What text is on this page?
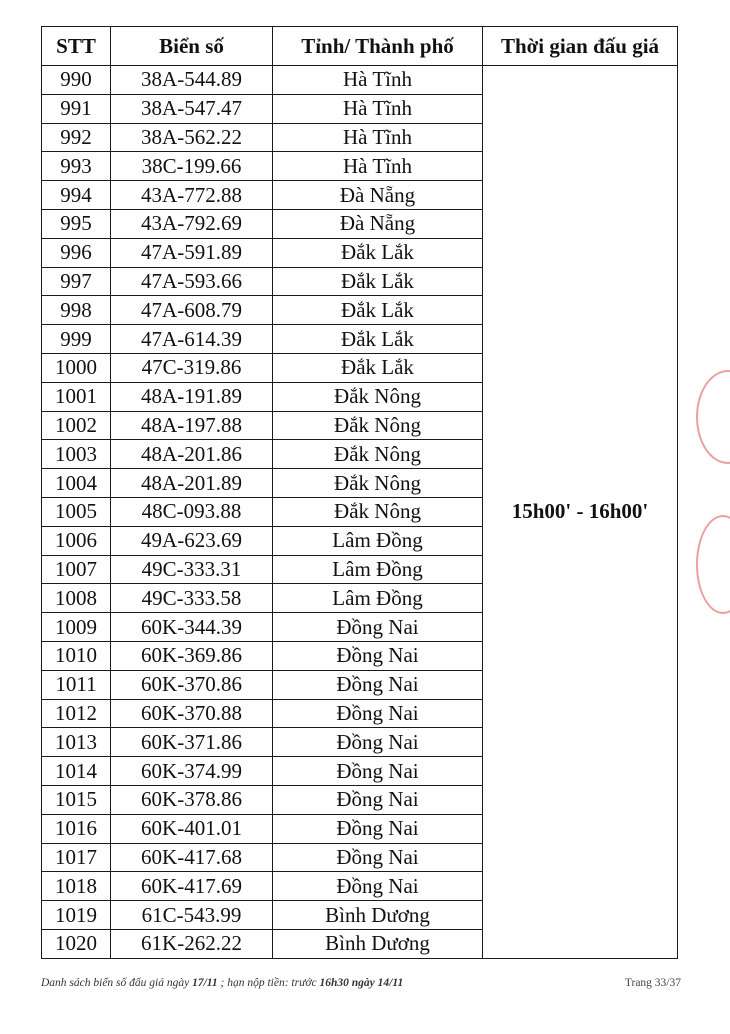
STT	Biển số	Tỉnh/ Thành phố	Thời gian đấu giá
990	38A-544.89	Hà Tĩnh	15h00' - 16h00'
991	38A-547.47	Hà Tĩnh	
992	38A-562.22	Hà Tĩnh	
993	38C-199.66	Hà Tĩnh	
994	43A-772.88	Đà Nẵng	
995	43A-792.69	Đà Nẵng	
996	47A-591.89	Đắk Lắk	
997	47A-593.66	Đắk Lắk	
998	47A-608.79	Đắk Lắk	
999	47A-614.39	Đắk Lắk	
1000	47C-319.86	Đắk Lắk	
1001	48A-191.89	Đắk Nông	
1002	48A-197.88	Đắk Nông	
1003	48A-201.86	Đắk Nông	
1004	48A-201.89	Đắk Nông	
1005	48C-093.88	Đắk Nông	
1006	49A-623.69	Lâm Đồng	
1007	49C-333.31	Lâm Đồng	
1008	49C-333.58	Lâm Đồng	
1009	60K-344.39	Đồng Nai	
1010	60K-369.86	Đồng Nai	
1011	60K-370.86	Đồng Nai	
1012	60K-370.88	Đồng Nai	
1013	60K-371.86	Đồng Nai	
1014	60K-374.99	Đồng Nai	
1015	60K-378.86	Đồng Nai	
1016	60K-401.01	Đồng Nai	
1017	60K-417.68	Đồng Nai	
1018	60K-417.69	Đồng Nai	
1019	61C-543.99	Bình Dương	
1020	61K-262.22	Bình Dương	
Danh sách biển số đấu giá ngày 17/11 ; hạn nộp tiền: trước 16h30 ngày 14/11	Trang 33/37
